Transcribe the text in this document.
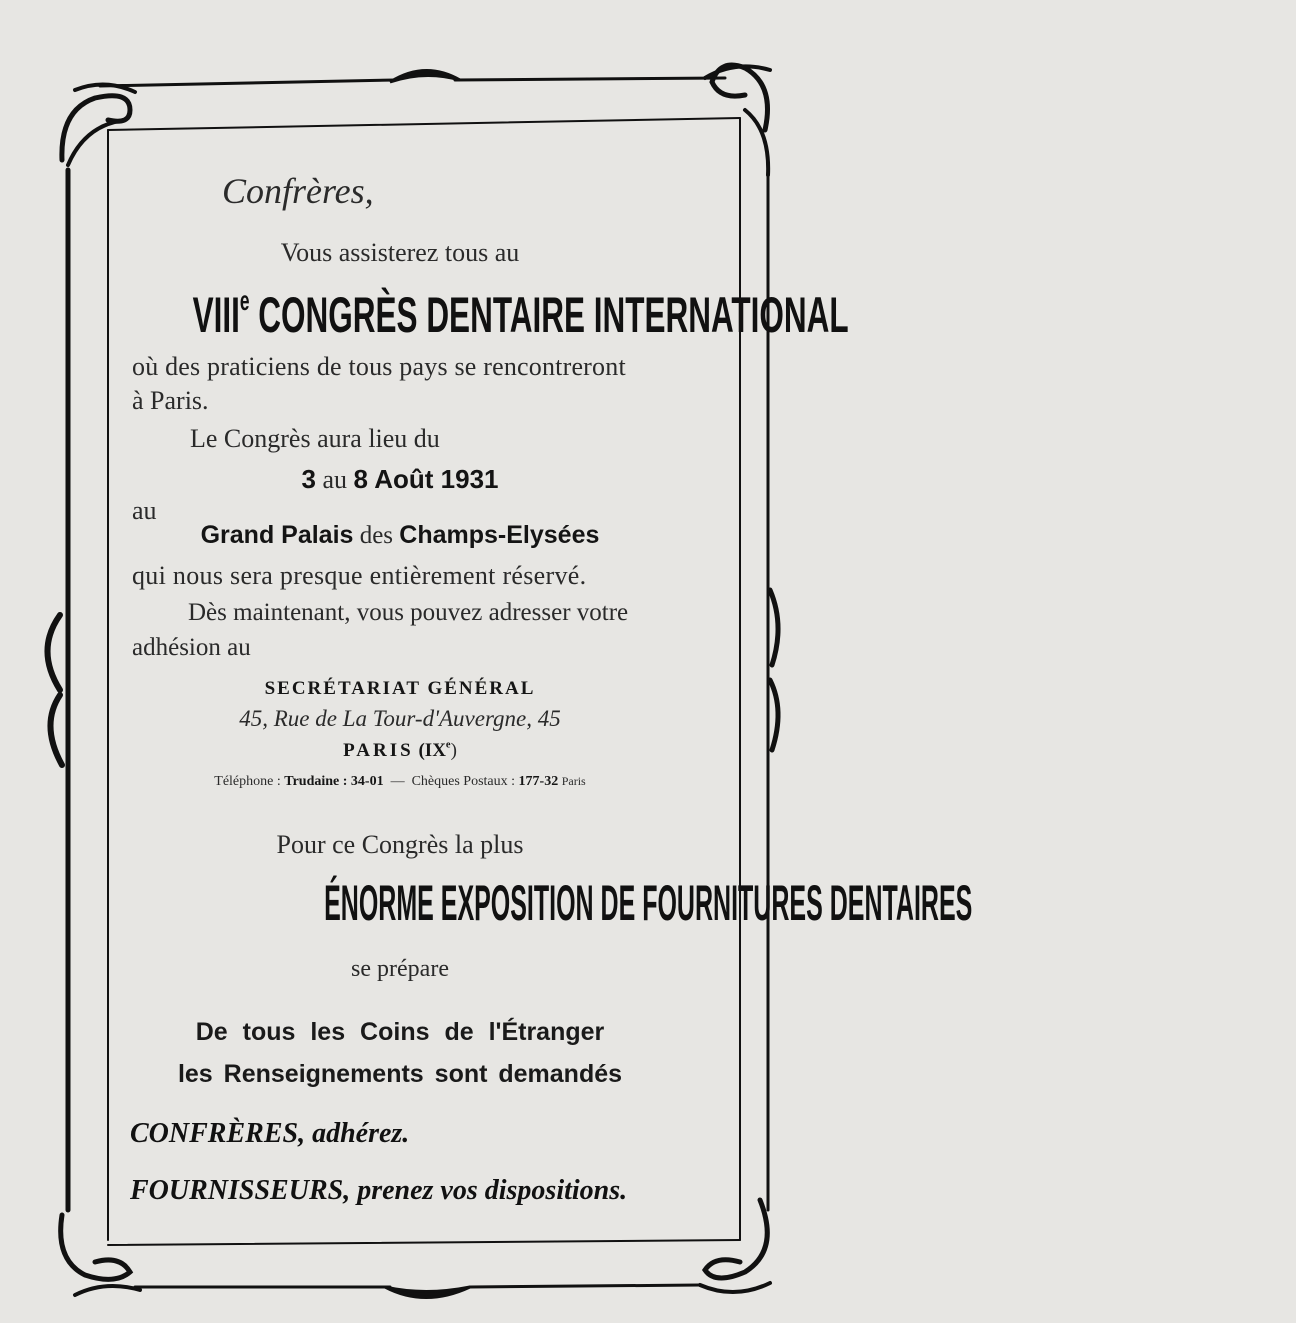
Confrères,
Vous assisterez tous au
VIIIe CONGRÈS DENTAIRE INTERNATIONAL
où des praticiens de tous pays se rencontreront
à Paris.
Le Congrès aura lieu du
3 au 8 Août 1931
au
Grand Palais des Champs-Elysées
qui nous sera presque entièrement réservé.
Dès maintenant, vous pouvez adresser votre
adhésion au
SECRÉTARIAT GÉNÉRAL
45, Rue de La Tour-d'Auvergne, 45
PARIS (IXe)
Téléphone : Trudaine : 34-01 — Chèques Postaux : 177-32 Paris
Pour ce Congrès la plus
ÉNORME EXPOSITION DE FOURNITURES DENTAIRES
se prépare
De tous les Coins de l'Étranger
les Renseignements sont demandés
CONFRÈRES, adhérez.
FOURNISSEURS, prenez vos dispositions.
